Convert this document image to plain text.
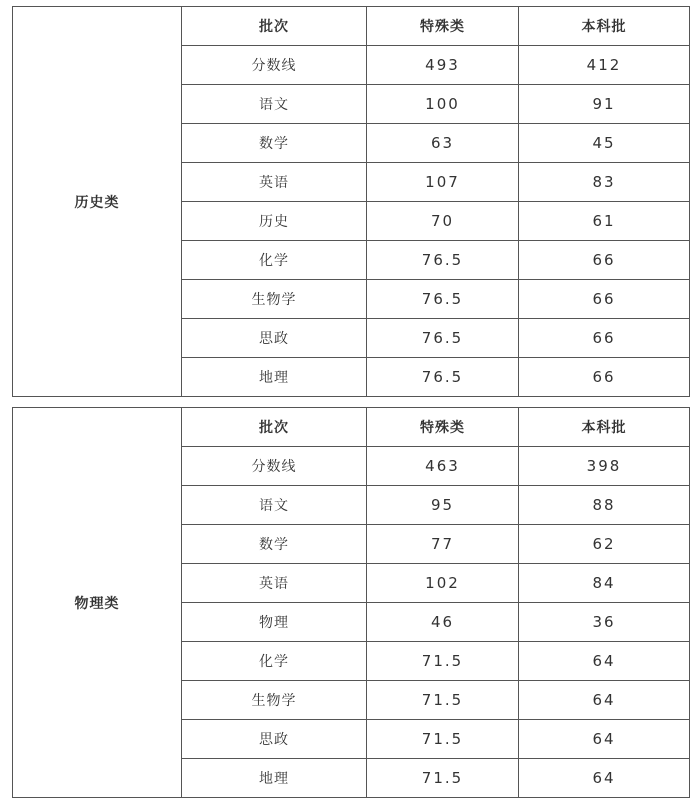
历史类	批次	特殊类	本科批
	分数线	493	412
	语文	100	91
	数学	63	45
	英语	107	83
	历史	70	61
	化学	76.5	66
	生物学	76.5	66
	思政	76.5	66
	地理	76.5	66
物理类	批次	特殊类	本科批
	分数线	463	398
	语文	95	88
	数学	77	62
	英语	102	84
	物理	46	36
	化学	71.5	64
	生物学	71.5	64
	思政	71.5	64
	地理	71.5	64
